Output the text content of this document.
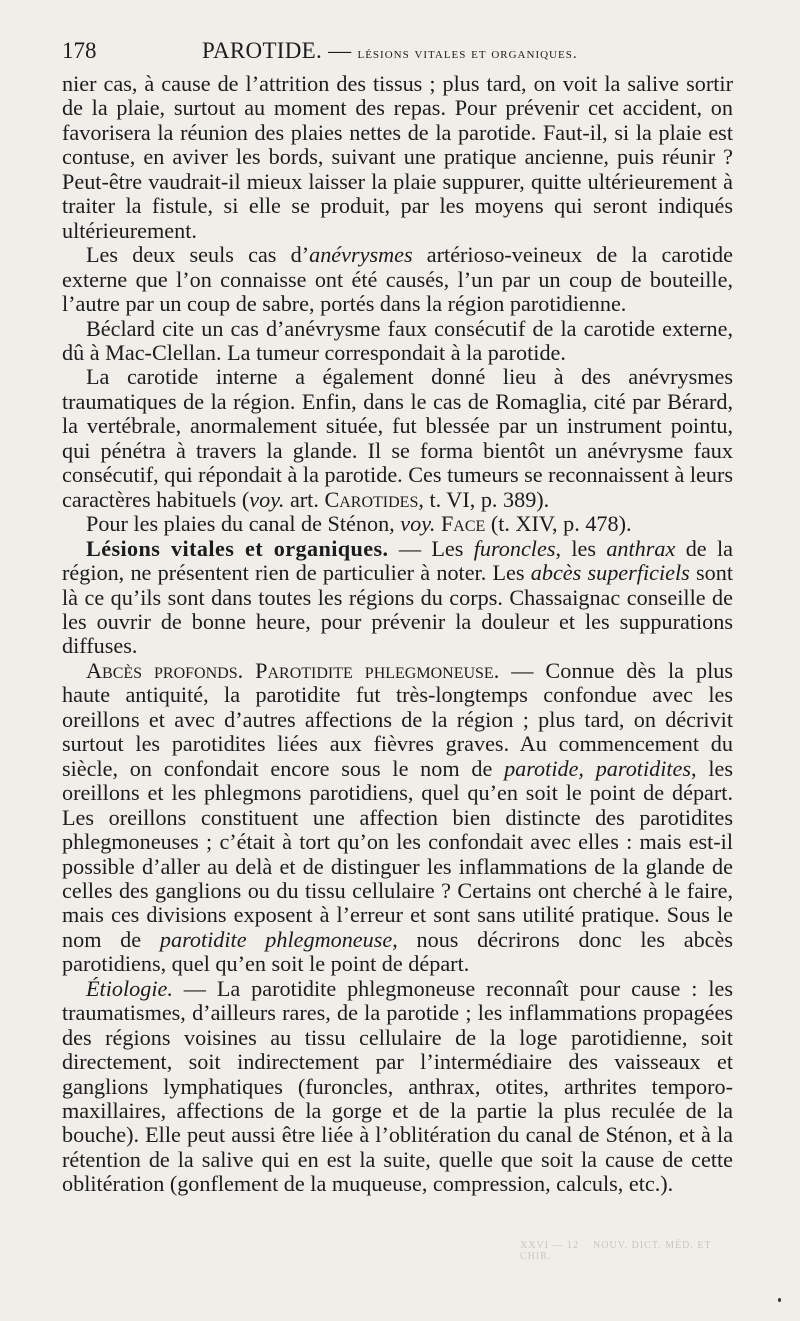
178	PAROTIDE. — lésions vitales et organiques.

nier cas, à cause de l’attrition des tissus ; plus tard, on voit la salive sortir de la plaie, surtout au moment des repas. Pour prévenir cet accident, on favorisera la réunion des plaies nettes de la parotide. Faut-il, si la plaie est contuse, en aviver les bords, suivant une pratique ancienne, puis réunir ? Peut-être vaudrait-il mieux laisser la plaie suppurer, quitte ultérieurement à traiter la fistule, si elle se produit, par les moyens qui seront indiqués ultérieurement.

Les deux seuls cas d’anévrysmes artérioso-veineux de la carotide externe que l’on connaisse ont été causés, l’un par un coup de bouteille, l’autre par un coup de sabre, portés dans la région parotidienne.

Béclard cite un cas d’anévrysme faux consécutif de la carotide externe, dû à Mac-Clellan. La tumeur correspondait à la parotide.

La carotide interne a également donné lieu à des anévrysmes traumatiques de la région. Enfin, dans le cas de Romaglia, cité par Bérard, la vertébrale, anormalement située, fut blessée par un instrument pointu, qui pénétra à travers la glande. Il se forma bientôt un anévrysme faux consécutif, qui répondait à la parotide. Ces tumeurs se reconnaissent à leurs caractères habituels (voy. art. Carotides, t. VI, p. 389).

Pour les plaies du canal de Sténon, voy. Face (t. XIV, p. 478).

Lésions vitales et organiques. — Les furoncles, les anthrax de la région, ne présentent rien de particulier à noter. Les abcès superficiels sont là ce qu’ils sont dans toutes les régions du corps. Chassaignac conseille de les ouvrir de bonne heure, pour prévenir la douleur et les suppurations diffuses.

Abcès profonds. Parotidite phlegmoneuse. — Connue dès la plus haute antiquité, la parotidite fut très-longtemps confondue avec les oreillons et avec d’autres affections de la région ; plus tard, on décrivit surtout les parotidites liées aux fièvres graves. Au commencement du siècle, on confondait encore sous le nom de parotide, parotidites, les oreillons et les phlegmons parotidiens, quel qu’en soit le point de départ. Les oreillons constituent une affection bien distincte des parotidites phlegmoneuses ; c’était à tort qu’on les confondait avec elles : mais est-il possible d’aller au delà et de distinguer les inflammations de la glande de celles des ganglions ou du tissu cellulaire ? Certains ont cherché à le faire, mais ces divisions exposent à l’erreur et sont sans utilité pratique. Sous le nom de parotidite phlegmoneuse, nous décrirons donc les abcès parotidiens, quel qu’en soit le point de départ.

Étiologie. — La parotidite phlegmoneuse reconnaît pour cause : les traumatismes, d’ailleurs rares, de la parotide ; les inflammations propagées des régions voisines au tissu cellulaire de la loge parotidienne, soit directement, soit indirectement par l’intermédiaire des vaisseaux et ganglions lymphatiques (furoncles, anthrax, otites, arthrites temporo-maxillaires, affections de la gorge et de la partie la plus reculée de la bouche). Elle peut aussi être liée à l’oblitération du canal de Sténon, et à la rétention de la salive qui en est la suite, quelle que soit la cause de cette oblitération (gonflement de la muqueuse, compression, calculs, etc.).

XXVI — 12 NOUV. DICT. MÉD. ET CHIR.
